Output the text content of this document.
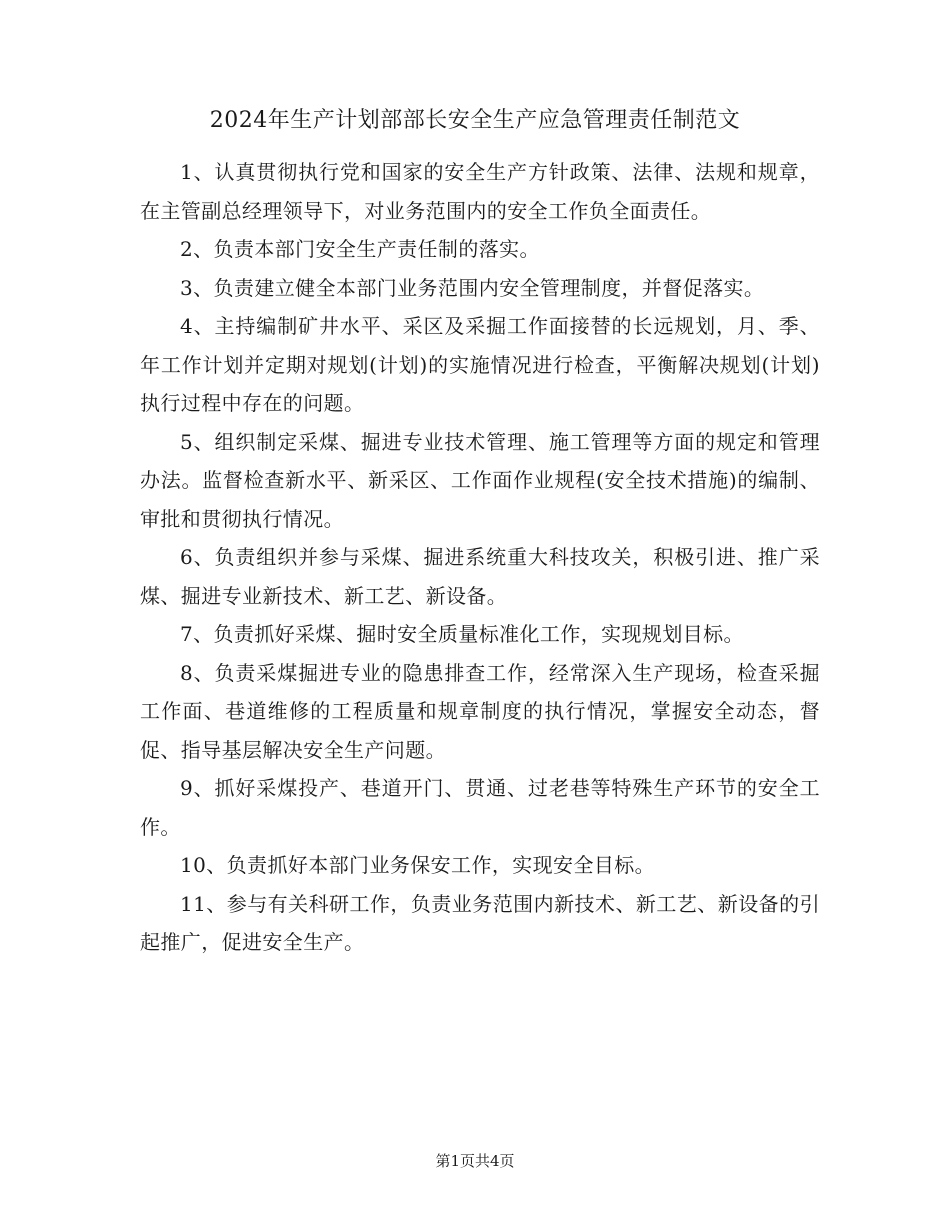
2024年生产计划部部长安全生产应急管理责任制范文

1、认真贯彻执行党和国家的安全生产方针政策、法律、法规和规章，在主管副总经理领导下，对业务范围内的安全工作负全面责任。

2、负责本部门安全生产责任制的落实。

3、负责建立健全本部门业务范围内安全管理制度，并督促落实。

4、主持编制矿井水平、采区及采掘工作面接替的长远规划，月、季、年工作计划并定期对规划(计划)的实施情况进行检查，平衡解决规划(计划)执行过程中存在的问题。

5、组织制定采煤、掘进专业技术管理、施工管理等方面的规定和管理办法。监督检查新水平、新采区、工作面作业规程(安全技术措施)的编制、审批和贯彻执行情况。

6、负责组织并参与采煤、掘进系统重大科技攻关，积极引进、推广采煤、掘进专业新技术、新工艺、新设备。

7、负责抓好采煤、掘时安全质量标准化工作，实现规划目标。

8、负责采煤掘进专业的隐患排查工作，经常深入生产现场，检查采掘工作面、巷道维修的工程质量和规章制度的执行情况，掌握安全动态，督促、指导基层解决安全生产问题。

9、抓好采煤投产、巷道开门、贯通、过老巷等特殊生产环节的安全工作。

10、负责抓好本部门业务保安工作，实现安全目标。

11、参与有关科研工作，负责业务范围内新技术、新工艺、新设备的引起推广，促进安全生产。

第1页共4页
